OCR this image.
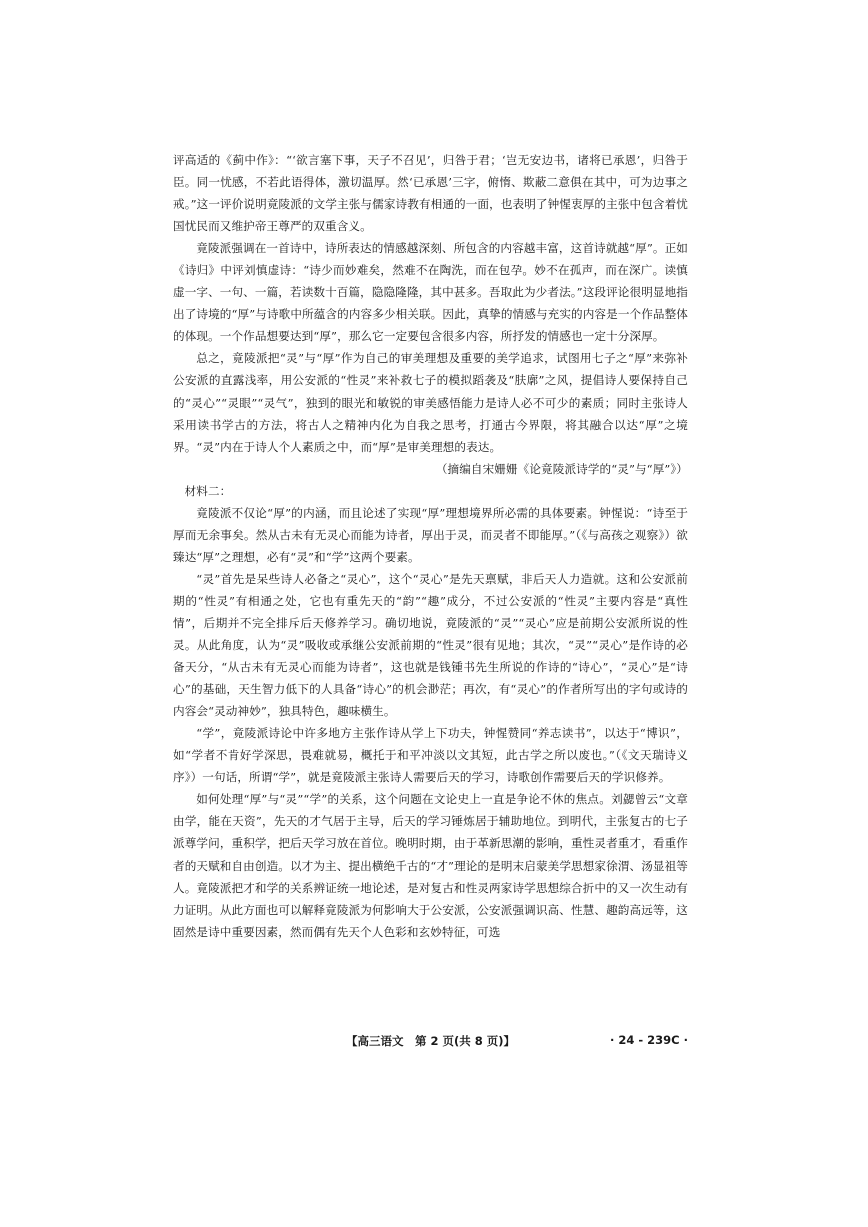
评高适的《蓟中作》：“‘欲言塞下事，天子不召见’，归咎于君；‘岂无安边书，诸将已承恩’，归咎于臣。同一忧感，不若此语得体，激切温厚。然‘已承恩’三字，俯惰、欺蔽二意俱在其中，可为边事之戒。”这一评价说明竟陵派的文学主张与儒家诗教有相通的一面，也表明了钟惺衷厚的主张中包含着忧国忧民而又维护帝王尊严的双重含义。

竟陵派强调在一首诗中，诗所表达的情感越深刻、所包含的内容越丰富，这首诗就越“厚”。正如《诗归》中评刘慎虚诗：“诗少而妙难矣，然难不在陶洗，而在包孕。妙不在孤声，而在深广。读慎虚一字、一句、一篇，若读数十百篇，隐隐隆隆，其中甚多。吾取此为少者法。”这段评论很明显地指出了诗境的“厚”与诗歌中所蕴含的内容多少相关联。因此，真挚的情感与充实的内容是一个作品整体的体现。一个作品想要达到“厚”，那么它一定要包含很多内容，所抒发的情感也一定十分深厚。

总之，竟陵派把“灵”与“厚”作为自己的审美理想及重要的美学追求，试图用七子之“厚”来弥补公安派的直露浅率，用公安派的“性灵”来补救七子的模拟蹈袭及“肤廓”之风，提倡诗人要保持自己的“灵心”“灵眼”“灵气”，独到的眼光和敏锐的审美感悟能力是诗人必不可少的素质；同时主张诗人采用读书学古的方法，将古人之精神内化为自我之思考，打通古今界限，将其融合以达“厚”之境界。“灵”内在于诗人个人素质之中，而“厚”是审美理想的表达。

（摘编自宋姗姗《论竟陵派诗学的“灵”与“厚”》）

材料二：

竟陵派不仅论“厚”的内涵，而且论述了实现“厚”理想境界所必需的具体要素。钟惺说：“诗至于厚而无余事矣。然从古未有无灵心而能为诗者，厚出于灵，而灵者不即能厚。”（《与高孩之观察》）欲臻达“厚”之理想，必有“灵”和“学”这两个要素。

“灵”首先是呆些诗人必备之“灵心”，这个“灵心”是先天禀赋，非后天人力造就。这和公安派前期的“性灵”有相通之处，它也有重先天的“韵”“趣”成分，不过公安派的“性灵”主要内容是“真性情”，后期并不完全排斥后天修养学习。确切地说，竟陵派的“灵”“灵心”应是前期公安派所说的性灵。从此角度，认为“灵”吸收或承继公安派前期的“性灵”很有见地；其次，“灵”“灵心”是作诗的必备天分，“从古未有无灵心而能为诗者”，这也就是钱锺书先生所说的作诗的“诗心”，“灵心”是“诗心”的基础，天生智力低下的人具备“诗心”的机会渺茫；再次，有“灵心”的作者所写出的字句或诗的内容会“灵动神妙”，独具特色，趣味横生。

“学”，竟陵派诗论中许多地方主张作诗从学上下功夫，钟惺赞同“养志读书”，以达于“博识”，如“学者不肯好学深思，畏难就易，概托于和平冲淡以文其短，此古学之所以废也。”（《文天瑞诗义序》）一句话，所谓“学”，就是竟陵派主张诗人需要后天的学习，诗歌创作需要后天的学识修养。

如何处理“厚”与“灵”“学”的关系，这个问题在文论史上一直是争论不休的焦点。刘勰曾云“文章由学，能在天资”，先天的才气居于主导，后天的学习锤炼居于辅助地位。到明代，主张复古的七子派尊学问，重积学，把后天学习放在首位。晚明时期，由于革新思潮的影响，重性灵者重才，看重作者的天赋和自由创造。以才为主、提出横绝千古的“才”理论的是明末启蒙美学思想家徐渭、汤显祖等人。竟陵派把才和学的关系辨证统一地论述，是对复古和性灵两家诗学思想综合折中的又一次生动有力证明。从此方面也可以解释竟陵派为何影响大于公安派，公安派强调识高、性慧、趣韵高远等，这固然是诗中重要因素，然而偶有先天个人色彩和玄妙特征，可选

【高三语文　第 2 页(共 8 页)】	· 24 - 239C ·
